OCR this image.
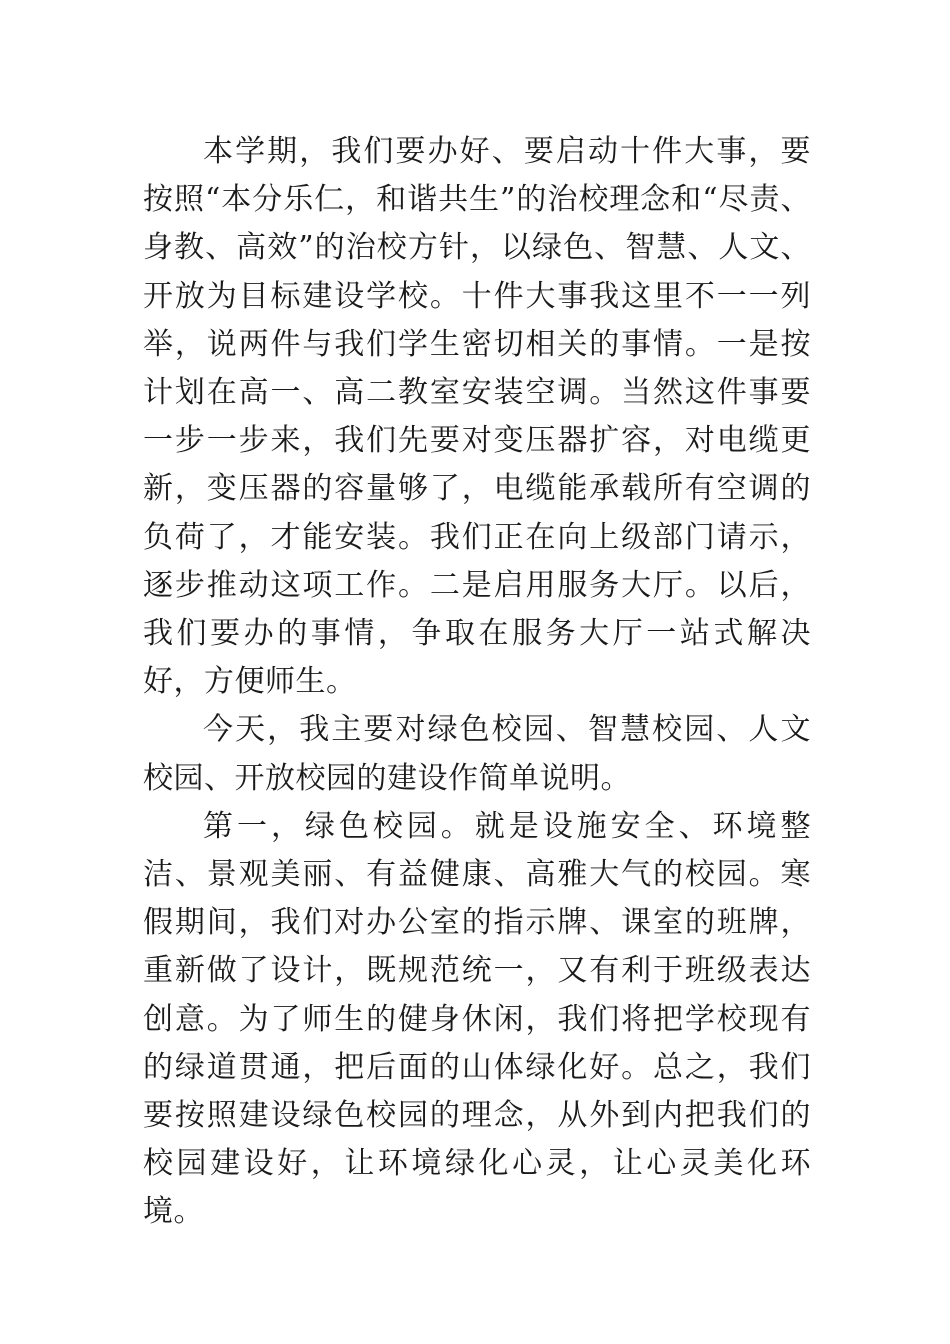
本学期，我们要办好、要启动十件大事，要按照“本分乐仁，和谐共生”的治校理念和“尽责、身教、高效”的治校方针，以绿色、智慧、人文、开放为目标建设学校。十件大事我这里不一一列举，说两件与我们学生密切相关的事情。一是按计划在高一、高二教室安装空调。当然这件事要一步一步来，我们先要对变压器扩容，对电缆更新，变压器的容量够了，电缆能承载所有空调的负荷了，才能安装。我们正在向上级部门请示，逐步推动这项工作。二是启用服务大厅。以后，我们要办的事情，争取在服务大厅一站式解决好，方便师生。

今天，我主要对绿色校园、智慧校园、人文校园、开放校园的建设作简单说明。

第一，绿色校园。就是设施安全、环境整洁、景观美丽、有益健康、高雅大气的校园。寒假期间，我们对办公室的指示牌、课室的班牌，重新做了设计，既规范统一，又有利于班级表达创意。为了师生的健身休闲，我们将把学校现有的绿道贯通，把后面的山体绿化好。总之，我们要按照建设绿色校园的理念，从外到内把我们的校园建设好，让环境绿化心灵，让心灵美化环境。
